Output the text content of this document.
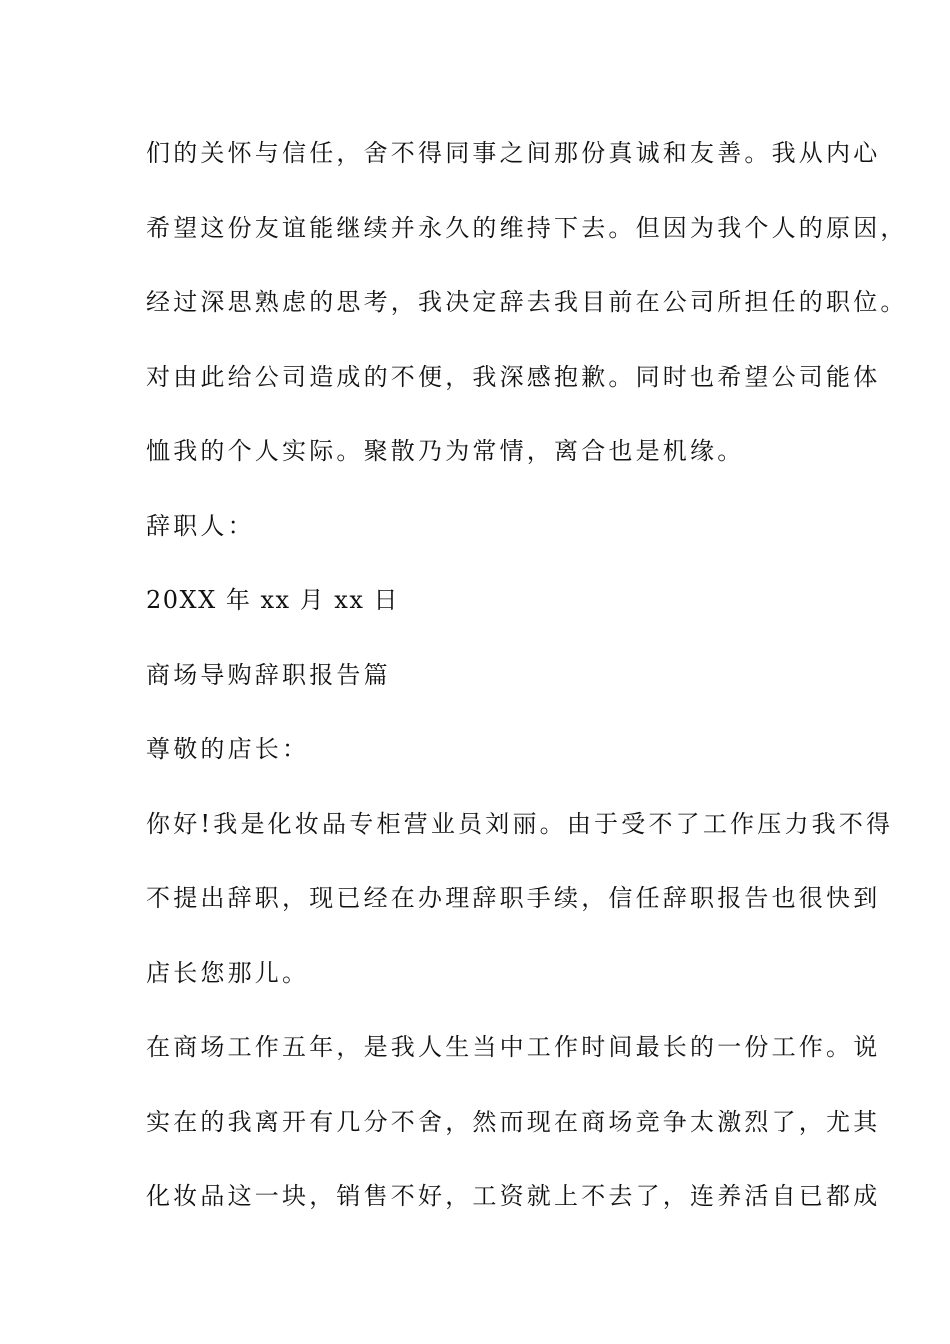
们的关怀与信任，舍不得同事之间那份真诚和友善。我从内心
希望这份友谊能继续并永久的维持下去。但因为我个人的原因，
经过深思熟虑的思考，我决定辞去我目前在公司所担任的职位。
对由此给公司造成的不便，我深感抱歉。同时也希望公司能体
恤我的个人实际。聚散乃为常情，离合也是机缘。
辞职人：
20XX 年 xx 月 xx 日
商场导购辞职报告篇
尊敬的店长：
你好!我是化妆品专柜营业员刘丽。由于受不了工作压力我不得
不提出辞职，现已经在办理辞职手续，信任辞职报告也很快到
店长您那儿。
在商场工作五年，是我人生当中工作时间最长的一份工作。说
实在的我离开有几分不舍，然而现在商场竞争太激烈了，尤其
化妆品这一块，销售不好，工资就上不去了，连养活自已都成
